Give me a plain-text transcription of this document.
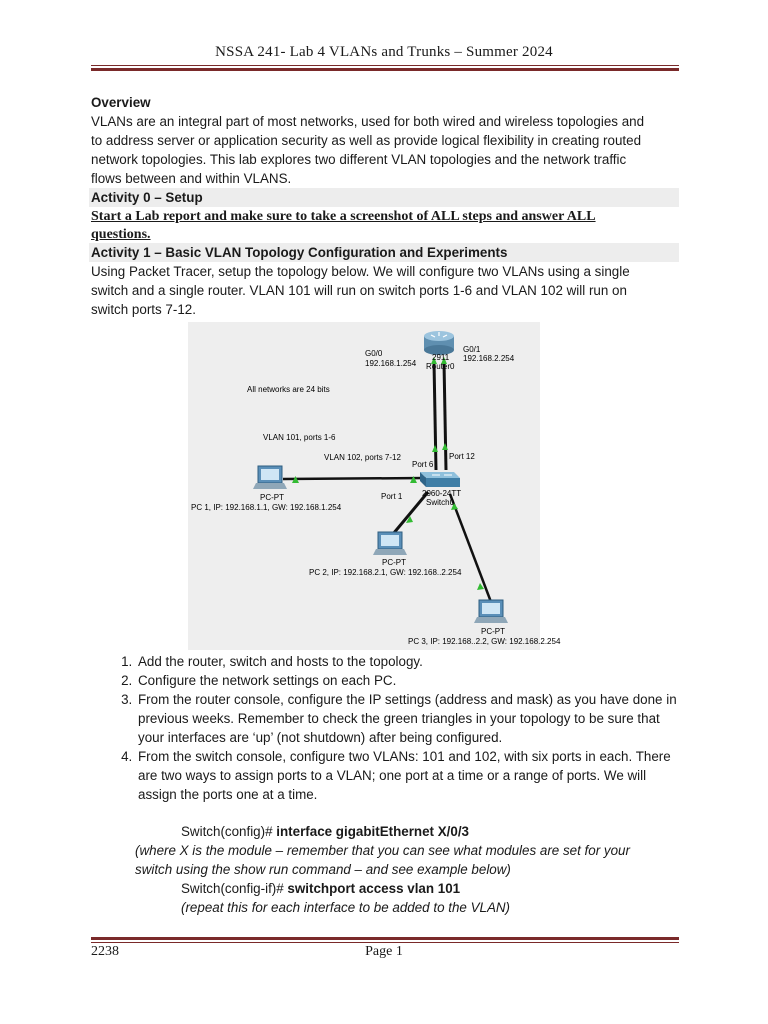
NSSA 241- Lab 4 VLANs and Trunks – Summer 2024
Overview
VLANs are an integral part of most networks, used for both wired and wireless topologies and
to address server or application security as well as provide logical flexibility in creating routed
network topologies. This lab explores two different VLAN topologies and the network traffic
flows between and within VLANS.
Activity 0 – Setup
Start a Lab report and make sure to take a screenshot of ALL steps and answer ALL
questions.
Activity 1 – Basic VLAN Topology Configuration and Experiments
Using Packet Tracer, setup the topology below. We will configure two VLANs using a single
switch and a single router. VLAN 101 will run on switch ports 1-6 and VLAN 102 will run on
switch ports 7-12.
G0/0
192.168.1.254
2911
Router0
G0/1
192.168.2.254
All networks are 24 bits
VLAN 101, ports 1-6
VLAN 102, ports 7-12
Port 6
Port 12
Port 1 2960-24TT
Switch0
PC-PT
PC 1, IP: 192.168.1.1, GW: 192.168.1.254
PC-PT
PC 2, IP: 192.168.2.1, GW: 192.168..2.254
PC-PT
PC 3, IP: 192.168..2.2, GW: 192.168.2.254
1. Add the router, switch and hosts to the topology.
2. Configure the network settings on each PC.
3. From the router console, configure the IP settings (address and mask) as you have done in previous weeks. Remember to check the green triangles in your topology to be sure that your interfaces are ‘up’ (not shutdown) after being configured.
4. From the switch console, configure two VLANs: 101 and 102, with six ports in each. There are two ways to assign ports to a VLAN; one port at a time or a range of ports. We will assign the ports one at a time.
Switch(config)# interface gigabitEthernet X/0/3
(where X is the module – remember that you can see what modules are set for your
switch using the show run command – and see example below)
Switch(config-if)# switchport access vlan 101
(repeat this for each interface to be added to the VLAN)
2238	Page 1
